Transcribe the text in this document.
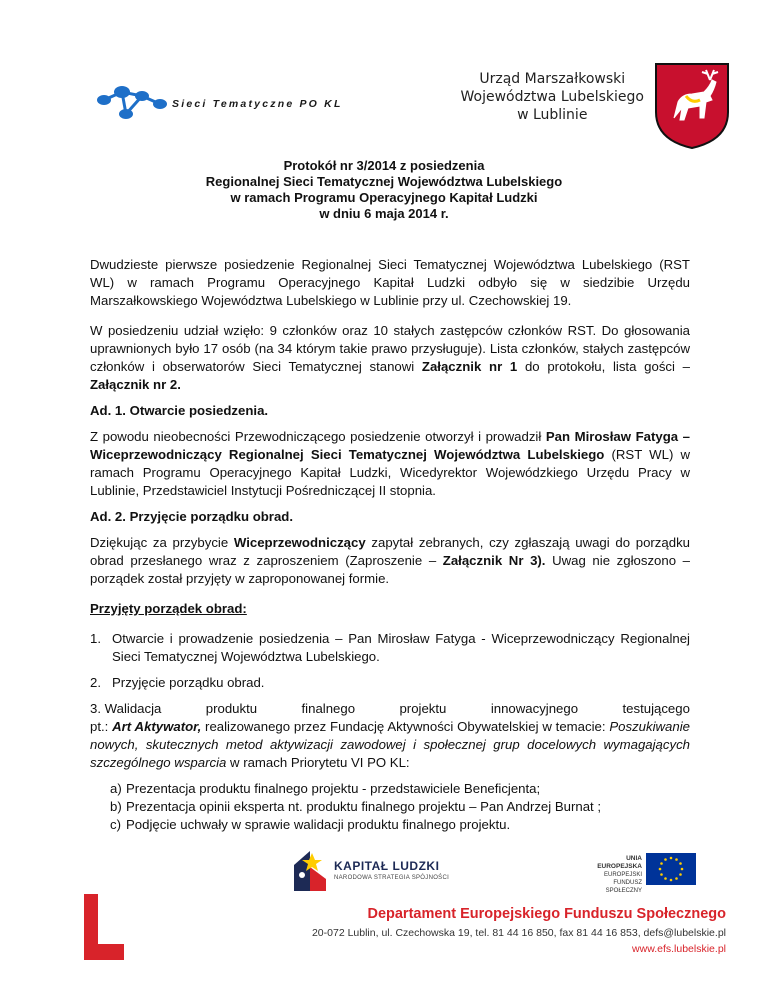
Sieci Tematyczne PO KL
Urząd Marszałkowski
Województwa Lubelskiego
w Lublinie
Protokół nr 3/2014 z posiedzenia
Regionalnej Sieci Tematycznej Województwa Lubelskiego
w ramach Programu Operacyjnego Kapitał Ludzki
w dniu 6 maja 2014 r.

Dwudzieste pierwsze posiedzenie Regionalnej Sieci Tematycznej Województwa Lubelskiego (RST WL) w ramach Programu Operacyjnego Kapitał Ludzki odbyło się w siedzibie Urzędu Marszałkowskiego Województwa Lubelskiego w Lublinie przy ul. Czechowskiej 19.

W posiedzeniu udział wzięło: 9 członków oraz 10 stałych zastępców członków RST. Do głosowania uprawnionych było 17 osób (na 34 którym takie prawo przysługuje). Lista członków, stałych zastępców członków i obserwatorów Sieci Tematycznej stanowi Załącznik nr 1 do protokołu, lista gości – Załącznik nr 2.

Ad. 1. Otwarcie posiedzenia.

Z powodu nieobecności Przewodniczącego posiedzenie otworzył i prowadził Pan Mirosław Fatyga – Wiceprzewodniczący Regionalnej Sieci Tematycznej Województwa Lubelskiego (RST WL) w ramach Programu Operacyjnego Kapitał Ludzki, Wicedyrektor Wojewódzkiego Urzędu Pracy w Lublinie, Przedstawiciel Instytucji Pośredniczącej II stopnia.

Ad. 2. Przyjęcie porządku obrad.

Dziękując za przybycie Wiceprzewodniczący zapytał zebranych, czy zgłaszają uwagi do porządku obrad przesłanego wraz z zaproszeniem (Zaproszenie – Załącznik Nr 3). Uwag nie zgłoszono – porządek został przyjęty w zaproponowanej formie.

Przyjęty porządek obrad:
1. Otwarcie i prowadzenie posiedzenia – Pan Mirosław Fatyga - Wiceprzewodniczący Regionalnej Sieci Tematycznej Województwa Lubelskiego.
2. Przyjęcie porządku obrad.
3. Walidacja	produktu	finalnego	projektu	innowacyjnego	testującego
pt.: Art Aktywator, realizowanego przez Fundację Aktywności Obywatelskiej w temacie: Poszukiwanie nowych, skutecznych metod aktywizacji zawodowej i społecznej grup docelowych wymagających szczególnego wsparcia w ramach Priorytetu VI PO KL:
a) Prezentacja produktu finalnego projektu - przedstawiciele Beneficjenta;
b) Prezentacja opinii eksperta nt. produktu finalnego projektu – Pan Andrzej Burnat ;
c) Podjęcie uchwały w sprawie walidacji produktu finalnego projektu.
KAPITAŁ LUDZKI
NARODOWA STRATEGIA SPÓJNOŚCI
UNIA EUROPEJSKA
EUROPEJSKI
FUNDUSZ SPOŁECZNY
Departament Europejskiego Funduszu Społecznego
20-072 Lublin, ul. Czechowska 19, tel. 81 44 16 850, fax 81 44 16 853, defs@lubelskie.pl
www.efs.lubelskie.pl
